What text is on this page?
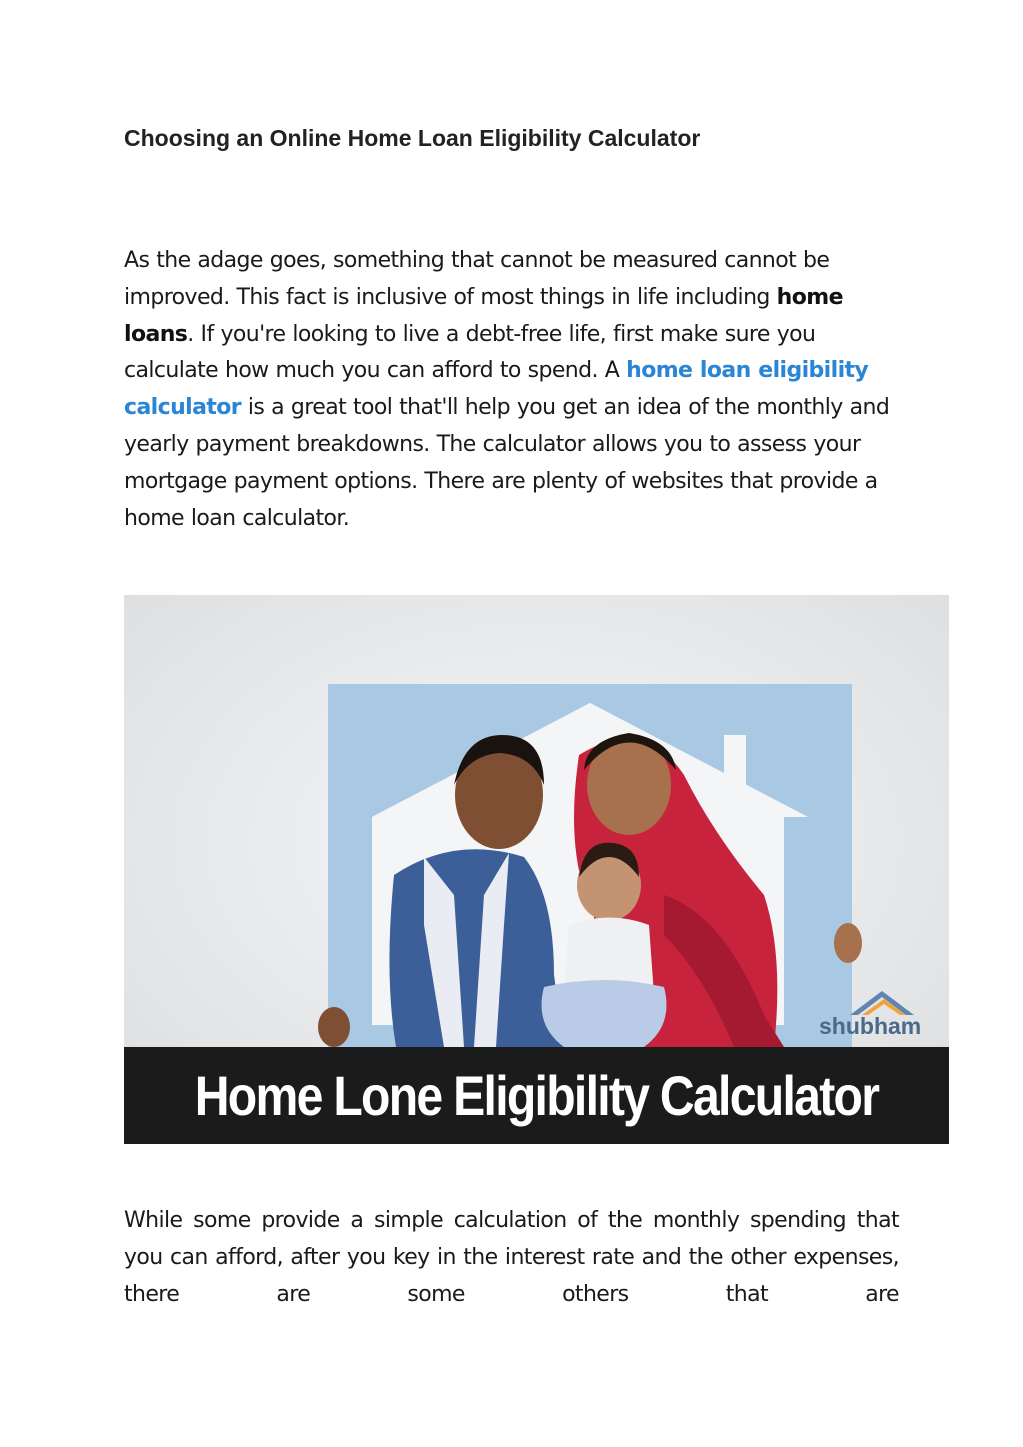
Choosing an Online Home Loan Eligibility Calculator

As the adage goes, something that cannot be measured cannot be improved. This fact is inclusive of most things in life including home loans. If you're looking to live a debt-free life, first make sure you calculate how much you can afford to spend. A home loan eligibility calculator is a great tool that'll help you get an idea of the monthly and yearly payment breakdowns. The calculator allows you to assess your mortgage payment options. There are plenty of websites that provide a home loan calculator.

shubham
Home Lone Eligibility Calculator

While some provide a simple calculation of the monthly spending that you can afford, after you key in the interest rate and the other expenses, there are some others that are
